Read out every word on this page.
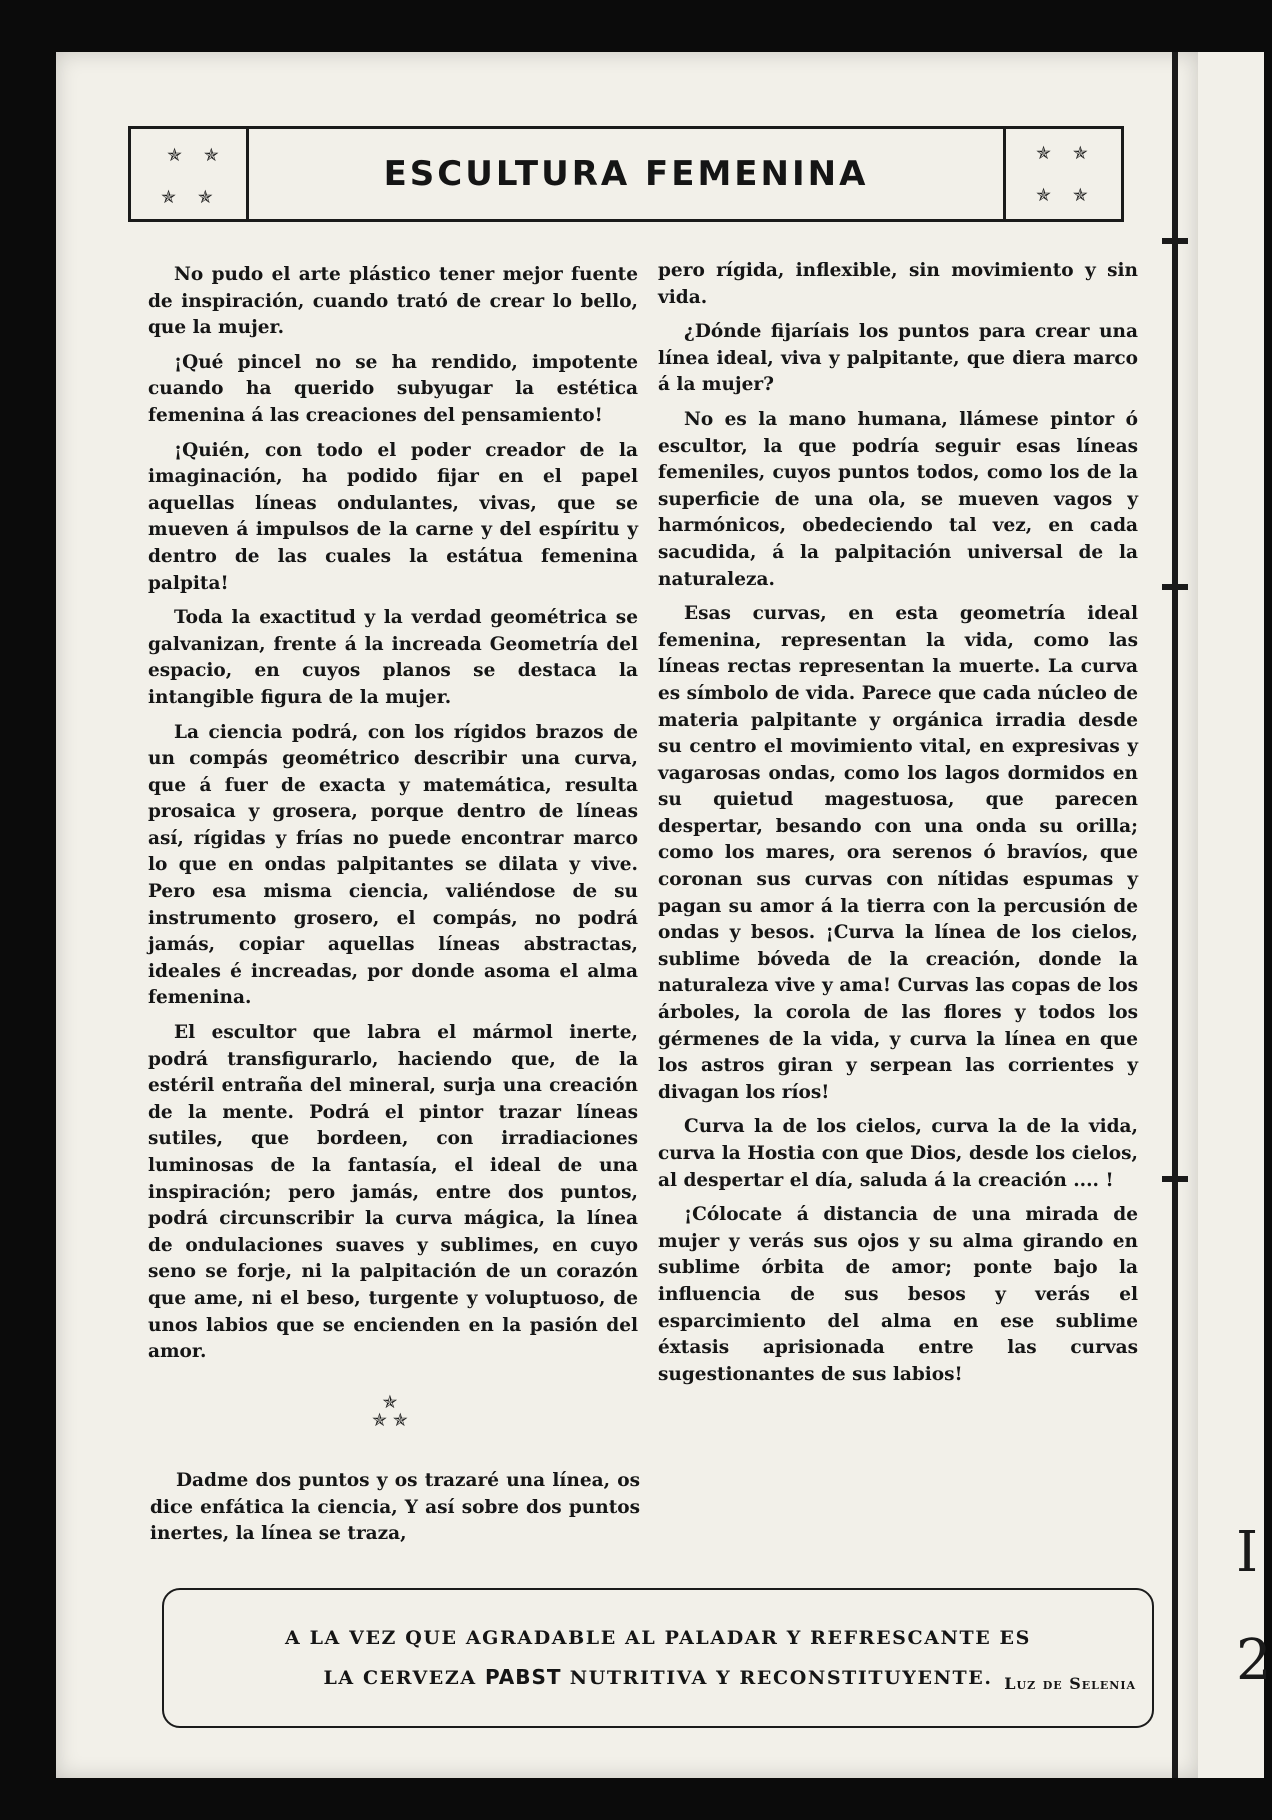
I
2
✯ ✯
✯ ✯
ESCULTURA FEMENINA
✯ ✯
✯ ✯

No pudo el arte plástico tener mejor fuente de inspiración, cuando trató de crear lo bello, que la mujer.

¡Qué pincel no se ha rendido, impotente cuando ha querido subyugar la estética femenina á las creaciones del pensamiento!

¡Quién, con todo el poder creador de la imaginación, ha podido fijar en el papel aquellas líneas ondulantes, vivas, que se mueven á impulsos de la carne y del espíritu y dentro de las cuales la estátua femenina palpita!

Toda la exactitud y la verdad geométrica se galvanizan, frente á la increada Geometría del espacio, en cuyos planos se destaca la intangible figura de la mujer.

La ciencia podrá, con los rígidos brazos de un compás geométrico describir una curva, que á fuer de exacta y matemática, resulta prosaica y grosera, porque dentro de líneas así, rígidas y frías no puede encontrar marco lo que en ondas palpitantes se dilata y vive. Pero esa misma ciencia, valiéndose de su instrumento grosero, el compás, no podrá jamás, copiar aquellas líneas abstractas, ideales é increadas, por donde asoma el alma femenina.

El escultor que labra el mármol inerte, podrá transfigurarlo, haciendo que, de la estéril entraña del mineral, surja una creación de la mente. Podrá el pintor trazar líneas sutiles, que bordeen, con irradiaciones luminosas de la fantasía, el ideal de una inspiración; pero jamás, entre dos puntos, podrá circunscribir la curva mágica, la línea de ondulaciones suaves y sublimes, en cuyo seno se forje, ni la palpitación de un corazón que ame, ni el beso, turgente y voluptuoso, de unos labios que se encienden en la pasión del amor.

✯
✯ ✯

Dadme dos puntos y os trazaré una línea, os dice enfática la ciencia, Y así sobre dos puntos inertes, la línea se traza,

pero rígida, inflexible, sin movimiento y sin vida.

¿Dónde fijaríais los puntos para crear una línea ideal, viva y palpitante, que diera marco á la mujer?

No es la mano humana, llámese pintor ó escultor, la que podría seguir esas líneas femeniles, cuyos puntos todos, como los de la superficie de una ola, se mueven vagos y harmónicos, obedeciendo tal vez, en cada sacudida, á la palpitación universal de la naturaleza.

Esas curvas, en esta geometría ideal femenina, representan la vida, como las líneas rectas representan la muerte. La curva es símbolo de vida. Parece que cada núcleo de materia palpitante y orgánica irradia desde su centro el movimiento vital, en expresivas y vagarosas ondas, como los lagos dormidos en su quietud magestuosa, que parecen despertar, besando con una onda su orilla; como los mares, ora serenos ó bravíos, que coronan sus curvas con nítidas espumas y pagan su amor á la tierra con la percusión de ondas y besos. ¡Curva la línea de los cielos, sublime bóveda de la creación, donde la naturaleza vive y ama! Curvas las copas de los árboles, la corola de las flores y todos los gérmenes de la vida, y curva la línea en que los astros giran y serpean las corrientes y divagan los ríos!

Curva la de los cielos, curva la de la vida, curva la Hostia con que Dios, desde los cielos, al despertar el día, saluda á la creación .... !

¡Cólocate á distancia de una mirada de mujer y verás sus ojos y su alma girando en sublime órbita de amor; ponte bajo la influencia de sus besos y verás el esparcimiento del alma en ese sublime éxtasis aprisionada entre las curvas sugestionantes de sus labios!

Luz de Selenia
A LA VEZ QUE AGRADABLE AL PALADAR Y REFRESCANTE ES
LA CERVEZA PABST NUTRITIVA Y RECONSTITUYENTE.
